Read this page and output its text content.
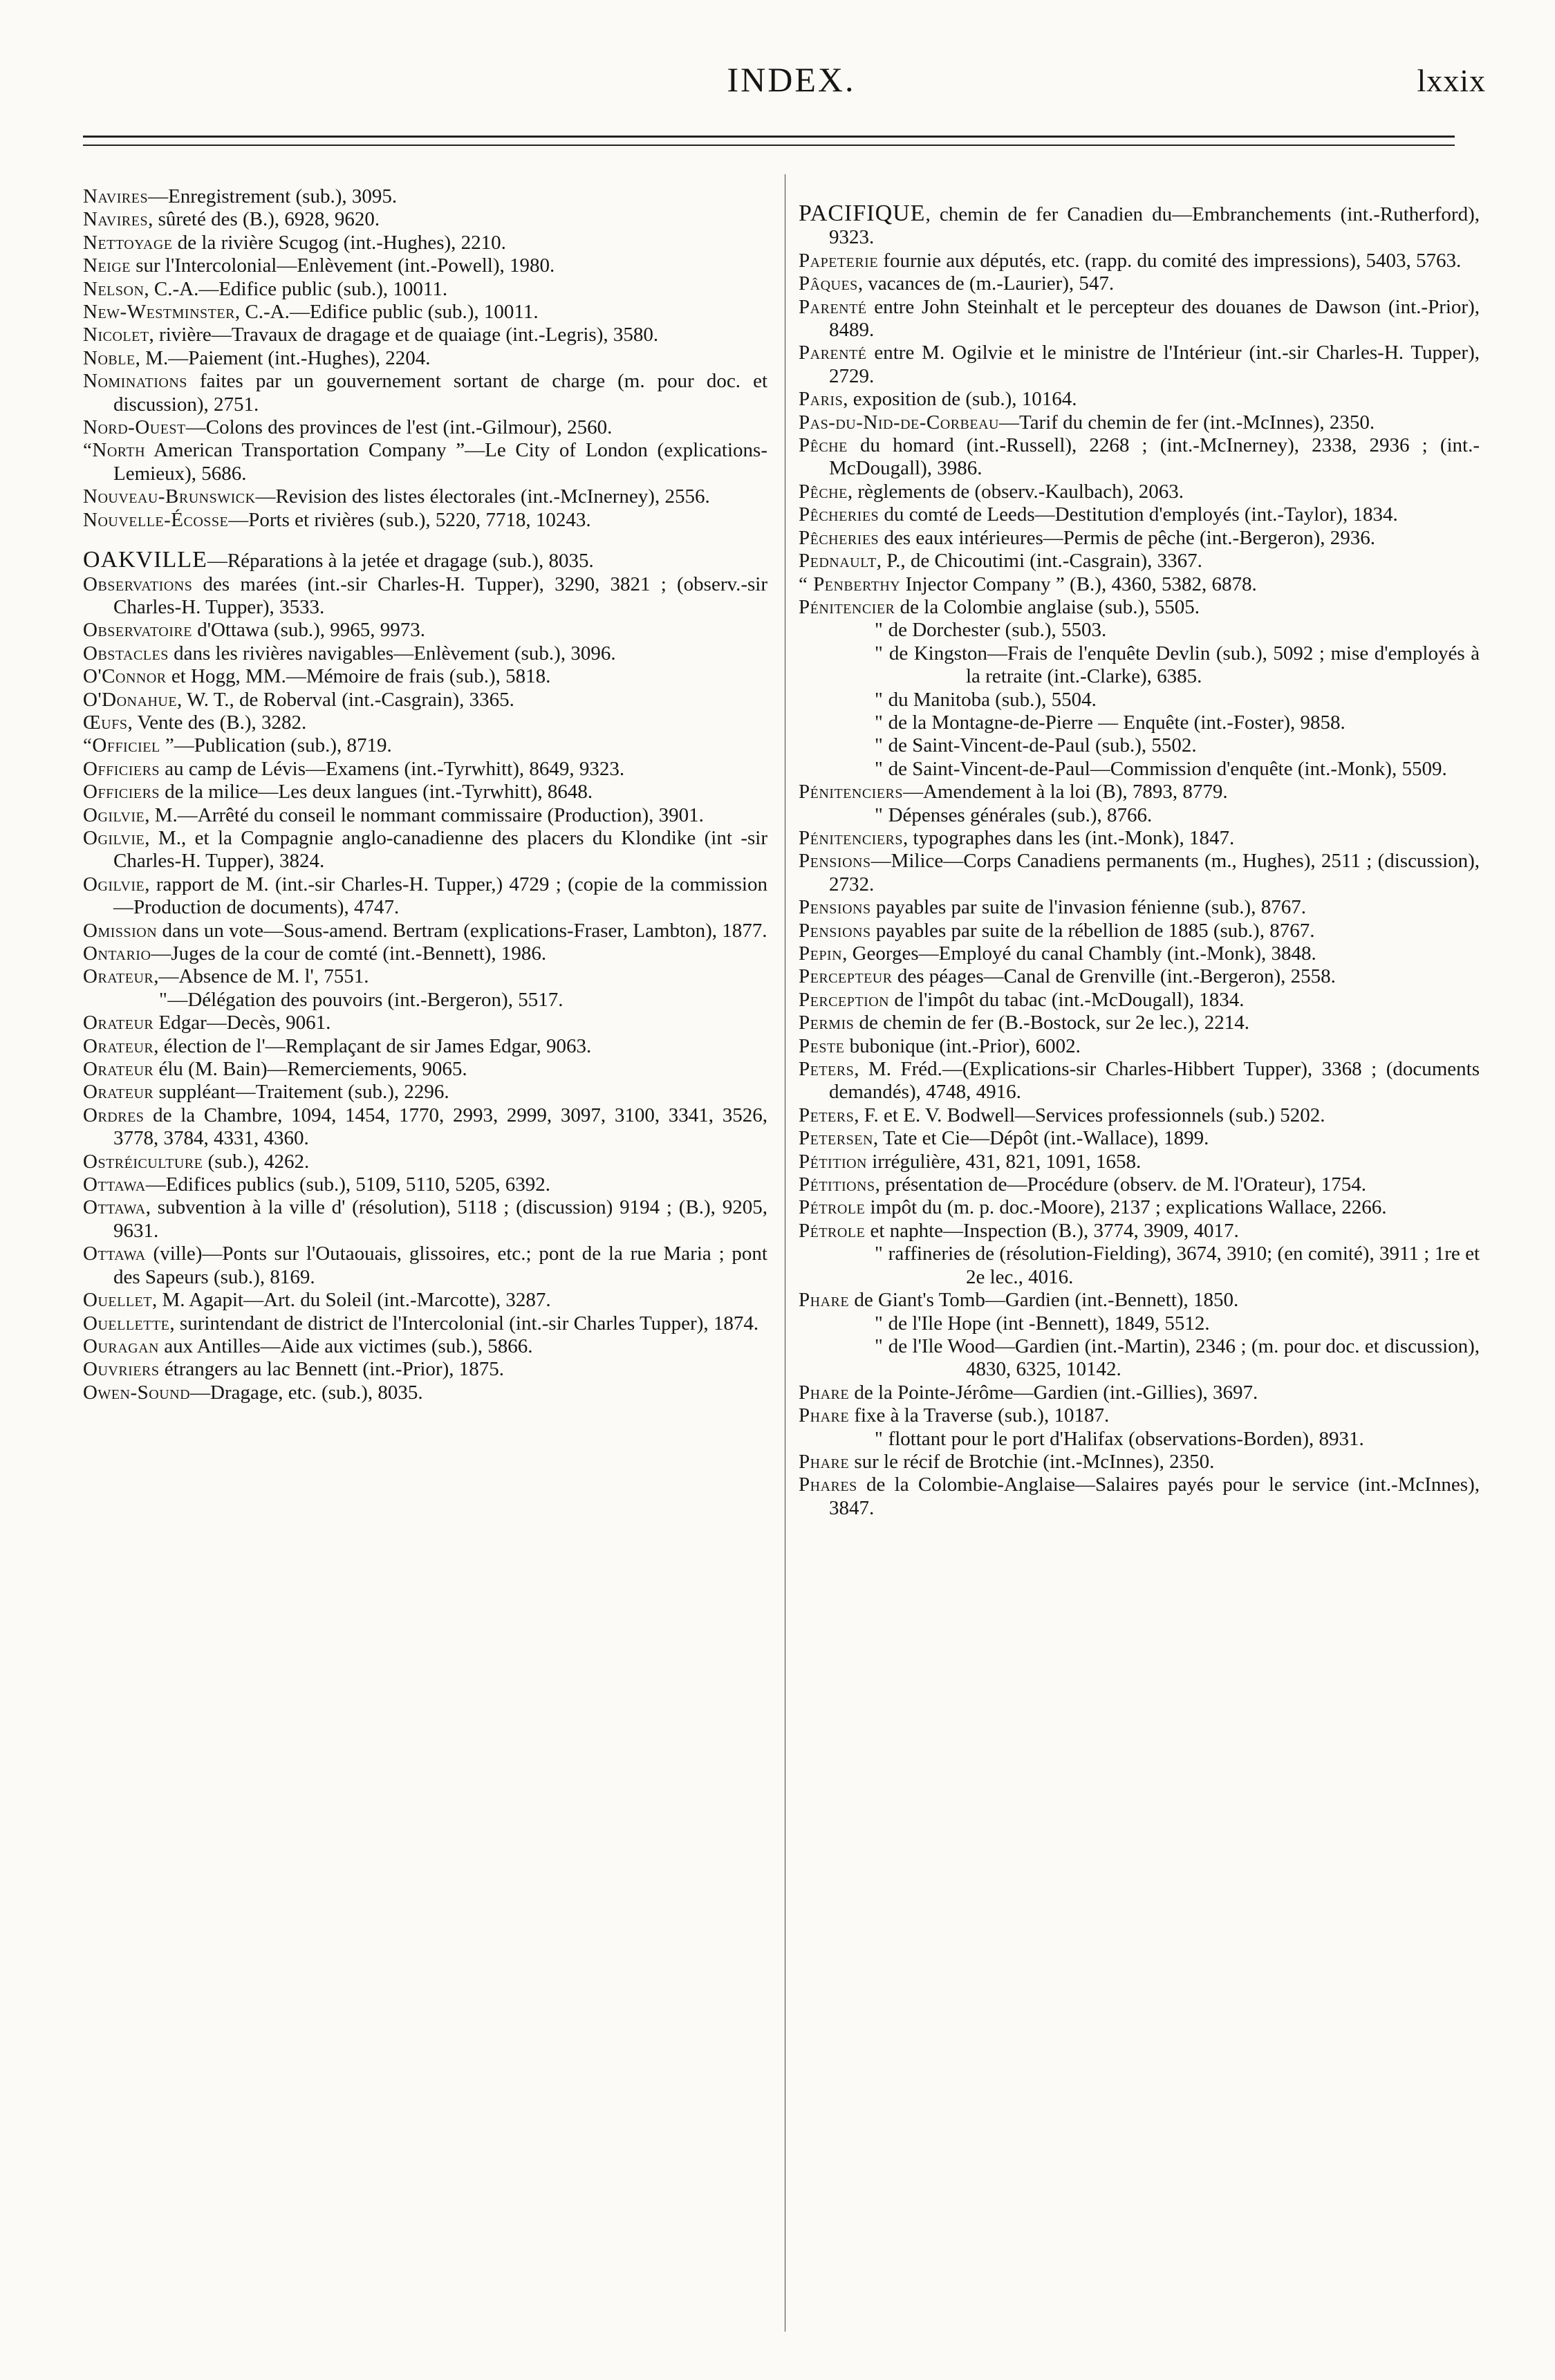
INDEX.	lxxix

Navires—Enregistrement (sub.), 3095.

Navires, sûreté des (B.), 6928, 9620.

Nettoyage de la rivière Scugog (int.-Hughes), 2210.

Neige sur l'Intercolonial—Enlèvement (int.-Powell), 1980.

Nelson, C.-A.—Edifice public (sub.), 10011.

New-Westminster, C.-A.—Edifice public (sub.), 10011.

Nicolet, rivière—Travaux de dragage et de quaiage (int.-Legris), 3580.

Noble, M.—Paiement (int.-Hughes), 2204.

Nominations faites par un gouvernement sortant de charge (m. pour doc. et discussion), 2751.

Nord-Ouest—Colons des provinces de l'est (int.-Gilmour), 2560.

“North American Transportation Company ”—Le City of London (explications-Lemieux), 5686.

Nouveau-Brunswick—Revision des listes électorales (int.-McInerney), 2556.

Nouvelle-Écosse—Ports et rivières (sub.), 5220, 7718, 10243.

OAKVILLE—Réparations à la jetée et dragage (sub.), 8035.

Observations des marées (int.-sir Charles-H. Tupper), 3290, 3821 ; (observ.-sir Charles-H. Tupper), 3533.

Observatoire d'Ottawa (sub.), 9965, 9973.

Obstacles dans les rivières navigables—Enlèvement (sub.), 3096.

O'Connor et Hogg, MM.—Mémoire de frais (sub.), 5818.

O'Donahue, W. T., de Roberval (int.-Casgrain), 3365.

Œufs, Vente des (B.), 3282.

“Officiel ”—Publication (sub.), 8719.

Officiers au camp de Lévis—Examens (int.-Tyrwhitt), 8649, 9323.

Officiers de la milice—Les deux langues (int.-Tyrwhitt), 8648.

Ogilvie, M.—Arrêté du conseil le nommant commissaire (Production), 3901.

Ogilvie, M., et la Compagnie anglo-canadienne des placers du Klondike (int -sir Charles-H. Tupper), 3824.

Ogilvie, rapport de M. (int.-sir Charles-H. Tupper,) 4729 ; (copie de la commission—Production de documents), 4747.

Omission dans un vote—Sous-amend. Bertram (explications-Fraser, Lambton), 1877.

Ontario—Juges de la cour de comté (int.-Bennett), 1986.

Orateur,—Absence de M. l', 7551.

"—Délégation des pouvoirs (int.-Bergeron), 5517.

Orateur Edgar—Decès, 9061.

Orateur, élection de l'—Remplaçant de sir James Edgar, 9063.

Orateur élu (M. Bain)—Remerciements, 9065.

Orateur suppléant—Traitement (sub.), 2296.

Ordres de la Chambre, 1094, 1454, 1770, 2993, 2999, 3097, 3100, 3341, 3526, 3778, 3784, 4331, 4360.

Ostréiculture (sub.), 4262.

Ottawa—Edifices publics (sub.), 5109, 5110, 5205, 6392.

Ottawa, subvention à la ville d' (résolution), 5118 ; (discussion) 9194 ; (B.), 9205, 9631.

Ottawa (ville)—Ponts sur l'Outaouais, glissoires, etc.; pont de la rue Maria ; pont des Sapeurs (sub.), 8169.

Ouellet, M. Agapit—Art. du Soleil (int.-Marcotte), 3287.

Ouellette, surintendant de district de l'Intercolonial (int.-sir Charles Tupper), 1874.

Ouragan aux Antilles—Aide aux victimes (sub.), 5866.

Ouvriers étrangers au lac Bennett (int.-Prior), 1875.

Owen-Sound—Dragage, etc. (sub.), 8035.

PACIFIQUE, chemin de fer Canadien du—Embranchements (int.-Rutherford), 9323.

Papeterie fournie aux députés, etc. (rapp. du comité des impressions), 5403, 5763.

Pâques, vacances de (m.-Laurier), 547.

Parenté entre John Steinhalt et le percepteur des douanes de Dawson (int.-Prior), 8489.

Parenté entre M. Ogilvie et le ministre de l'Intérieur (int.-sir Charles-H. Tupper), 2729.

Paris, exposition de (sub.), 10164.

Pas-du-Nid-de-Corbeau—Tarif du chemin de fer (int.-McInnes), 2350.

Pêche du homard (int.-Russell), 2268 ; (int.-McInerney), 2338, 2936 ; (int.-McDougall), 3986.

Pêche, règlements de (observ.-Kaulbach), 2063.

Pêcheries du comté de Leeds—Destitution d'employés (int.-Taylor), 1834.

Pêcheries des eaux intérieures—Permis de pêche (int.-Bergeron), 2936.

Pednault, P., de Chicoutimi (int.-Casgrain), 3367.

“ Penberthy Injector Company ” (B.), 4360, 5382, 6878.

Pénitencier de la Colombie anglaise (sub.), 5505.

" de Dorchester (sub.), 5503.

" de Kingston—Frais de l'enquête Devlin (sub.), 5092 ; mise d'employés à la retraite (int.-Clarke), 6385.

" du Manitoba (sub.), 5504.

" de la Montagne-de-Pierre — Enquête (int.-Foster), 9858.

" de Saint-Vincent-de-Paul (sub.), 5502.

" de Saint-Vincent-de-Paul—Commission d'enquête (int.-Monk), 5509.

Pénitenciers—Amendement à la loi (B), 7893, 8779.

" Dépenses générales (sub.), 8766.

Pénitenciers, typographes dans les (int.-Monk), 1847.

Pensions—Milice—Corps Canadiens permanents (m., Hughes), 2511 ; (discussion), 2732.

Pensions payables par suite de l'invasion fénienne (sub.), 8767.

Pensions payables par suite de la rébellion de 1885 (sub.), 8767.

Pepin, Georges—Employé du canal Chambly (int.-Monk), 3848.

Percepteur des péages—Canal de Grenville (int.-Bergeron), 2558.

Perception de l'impôt du tabac (int.-McDougall), 1834.

Permis de chemin de fer (B.-Bostock, sur 2e lec.), 2214.

Peste bubonique (int.-Prior), 6002.

Peters, M. Fréd.—(Explications-sir Charles-Hibbert Tupper), 3368 ; (documents demandés), 4748, 4916.

Peters, F. et E. V. Bodwell—Services professionnels (sub.) 5202.

Petersen, Tate et Cie—Dépôt (int.-Wallace), 1899.

Pétition irrégulière, 431, 821, 1091, 1658.

Pétitions, présentation de—Procédure (observ. de M. l'Orateur), 1754.

Pétrole impôt du (m. p. doc.-Moore), 2137 ; explications Wallace, 2266.

Pétrole et naphte—Inspection (B.), 3774, 3909, 4017.

" raffineries de (résolution-Fielding), 3674, 3910; (en comité), 3911 ; 1re et 2e lec., 4016.

Phare de Giant's Tomb—Gardien (int.-Bennett), 1850.

" de l'Ile Hope (int -Bennett), 1849, 5512.

" de l'Ile Wood—Gardien (int.-Martin), 2346 ; (m. pour doc. et discussion), 4830, 6325, 10142.

Phare de la Pointe-Jérôme—Gardien (int.-Gillies), 3697.

Phare fixe à la Traverse (sub.), 10187.

" flottant pour le port d'Halifax (observations-Borden), 8931.

Phare sur le récif de Brotchie (int.-McInnes), 2350.

Phares de la Colombie-Anglaise—Salaires payés pour le service (int.-McInnes), 3847.
